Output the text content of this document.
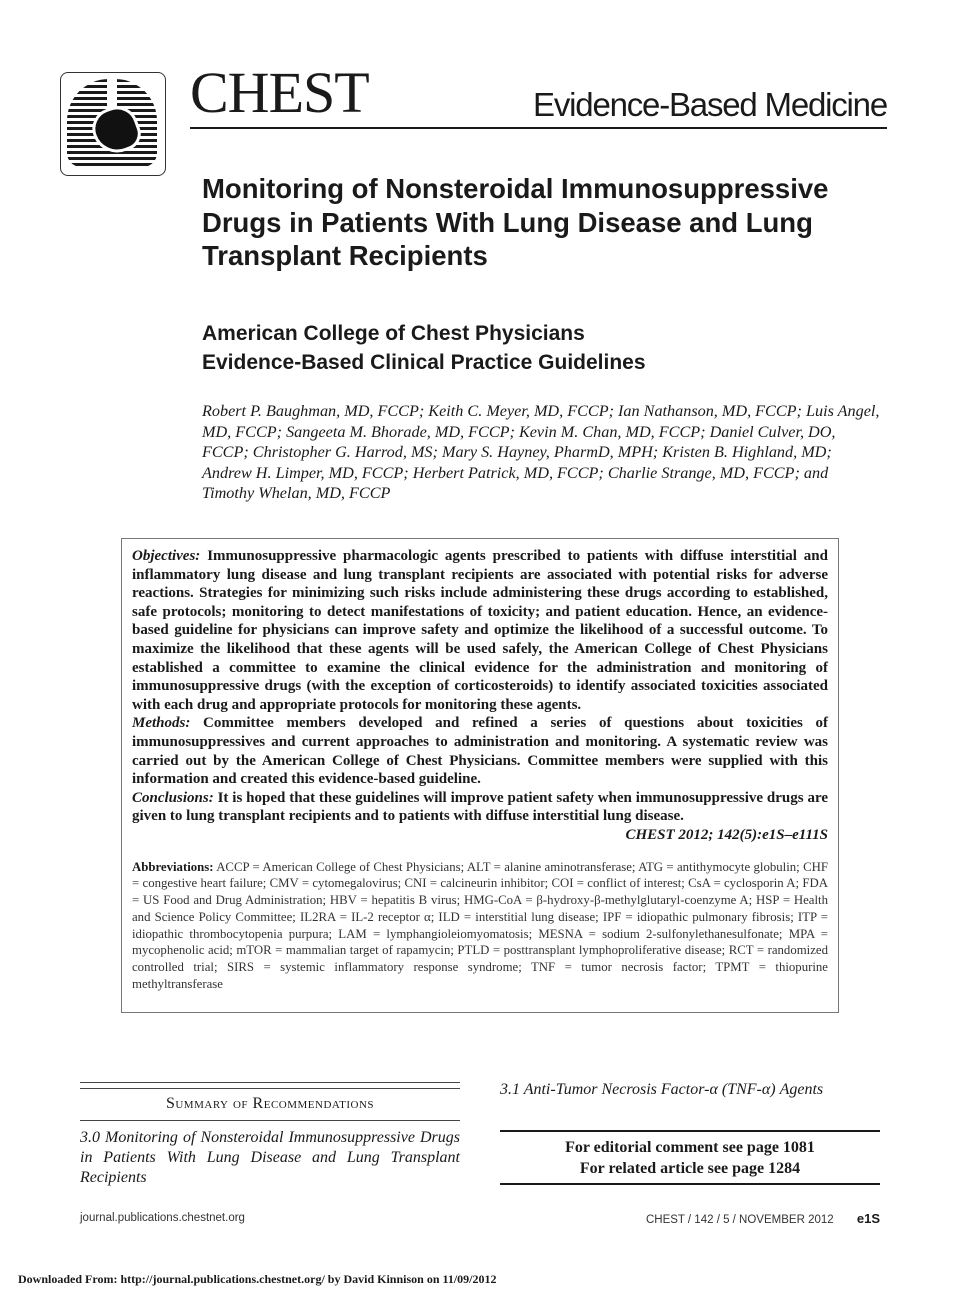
CHEST	Evidence-Based Medicine
Monitoring of Nonsteroidal Immunosuppressive Drugs in Patients With Lung Disease and Lung Transplant Recipients
American College of Chest Physicians
Evidence-Based Clinical Practice Guidelines
Robert P. Baughman, MD, FCCP; Keith C. Meyer, MD, FCCP; Ian Nathanson, MD, FCCP; Luis Angel, MD, FCCP; Sangeeta M. Bhorade, MD, FCCP; Kevin M. Chan, MD, FCCP; Daniel Culver, DO, FCCP; Christopher G. Harrod, MS; Mary S. Hayney, PharmD, MPH; Kristen B. Highland, MD; Andrew H. Limper, MD, FCCP; Herbert Patrick, MD, FCCP; Charlie Strange, MD, FCCP; and Timothy Whelan, MD, FCCP

Objectives: Immunosuppressive pharmacologic agents prescribed to patients with diffuse interstitial and inflammatory lung disease and lung transplant recipients are associated with potential risks for adverse reactions. Strategies for minimizing such risks include administering these drugs according to established, safe protocols; monitoring to detect manifestations of toxicity; and patient education. Hence, an evidence-based guideline for physicians can improve safety and optimize the likelihood of a successful outcome. To maximize the likelihood that these agents will be used safely, the American College of Chest Physicians established a committee to examine the clinical evidence for the administration and monitoring of immunosuppressive drugs (with the exception of corticosteroids) to identify associated toxicities associated with each drug and appropriate protocols for monitoring these agents.

Methods: Committee members developed and refined a series of questions about toxicities of immunosuppressives and current approaches to administration and monitoring. A systematic review was carried out by the American College of Chest Physicians. Committee members were supplied with this information and created this evidence-based guideline.

Conclusions: It is hoped that these guidelines will improve patient safety when immunosuppressive drugs are given to lung transplant recipients and to patients with diffuse interstitial lung disease.
CHEST 2012; 142(5):e1S–e111S

Abbreviations: ACCP = American College of Chest Physicians; ALT = alanine aminotransferase; ATG = antithymocyte globulin; CHF = congestive heart failure; CMV = cytomegalovirus; CNI = calcineurin inhibitor; COI = conflict of interest; CsA = cyclosporin A; FDA = US Food and Drug Administration; HBV = hepatitis B virus; HMG-CoA = β-hydroxy-β-methylglutaryl-coenzyme A; HSP = Health and Science Policy Committee; IL2RA = IL-2 receptor α; ILD = interstitial lung disease; IPF = idiopathic pulmonary fibrosis; ITP = idiopathic thrombocytopenia purpura; LAM = lymphangioleiomyomatosis; MESNA = sodium 2-sulfonylethanesulfonate; MPA = mycophenolic acid; mTOR = mammalian target of rapamycin; PTLD = posttransplant lymphoproliferative disease; RCT = randomized controlled trial; SIRS = systemic inflammatory response syndrome; TNF = tumor necrosis factor; TPMT = thiopurine methyltransferase
Summary of Recommendations
3.0 Monitoring of Nonsteroidal Immunosuppressive Drugs in Patients With Lung Disease and Lung Transplant Recipients
3.1 Anti-Tumor Necrosis Factor-α (TNF-α) Agents
For editorial comment see page 1081
For related article see page 1284
journal.publications.chestnet.org	CHEST / 142 / 5 / NOVEMBER 2012 e1S
Downloaded From: http://journal.publications.chestnet.org/ by David Kinnison on 11/09/2012
